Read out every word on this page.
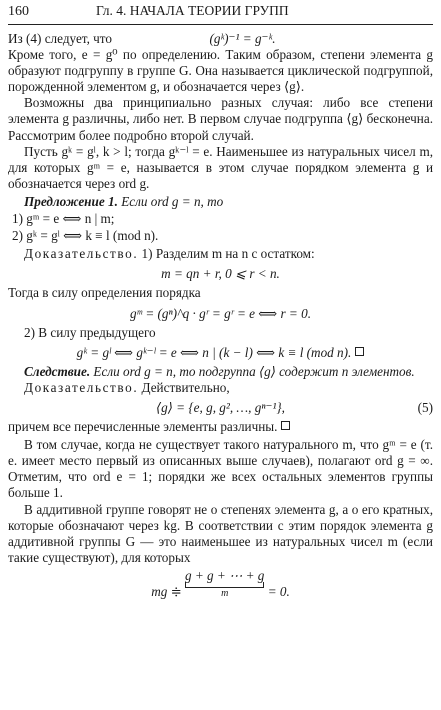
160	Гл. 4. НАЧАЛА ТЕОРИИ ГРУПП
Из (4) следует, что	(gᵏ)⁻¹ = g⁻ᵏ.

Кроме того, e = g⁰ по определению. Таким образом, степени элемента g образуют подгруппу в группе G. Она называется циклической подгруппой, порожденной элементом g, и обозначается через ⟨g⟩.

Возможны два принципиально разных случая: либо все степени элемента g различны, либо нет. В первом случае подгруппа ⟨g⟩ бесконечна. Рассмотрим более подробно второй случай.

Пусть gᵏ = gˡ, k > l; тогда gᵏ⁻ˡ = e. Наименьшее из натуральных чисел m, для которых gᵐ = e, называется в этом случае порядком элемента g и обозначается через ord g.

Предложение 1. Если ord g = n, то

1) gᵐ = e ⟺ n | m;
2) gᵏ = gˡ ⟺ k ≡ l (mod n).

Доказательство. 1) Разделим m на n с остатком:

m = qn + r, 0 ⩽ r < n.

Тогда в силу определения порядка

gᵐ = (gⁿ)^q · gʳ = gʳ = e ⟺ r = 0.

2) В силу предыдущего

gᵏ = gˡ ⟺ gᵏ⁻ˡ = e ⟺ n | (k − l) ⟺ k ≡ l (mod n).

Следствие. Если ord g = n, то подгруппа ⟨g⟩ содержит n элементов.

Доказательство. Действительно,

⟨g⟩ = {e, g, g², …, gⁿ⁻¹},	(5)

причем все перечисленные элементы различны.

В том случае, когда не существует такого натурального m, что gᵐ = e (т. е. имеет место первый из описанных выше случаев), полагают ord g = ∞. Отметим, что ord e = 1; порядки же всех остальных элементов группы больше 1.

В аддитивной группе говорят не о степенях элемента g, а о его кратных, которые обозначают через kg. В соответствии с этим порядок элемента g аддитивной группы G — это наименьшее из натуральных чисел m (если такие существуют), для которых

mg ≑ g + g + ⋯ + g
m	= 0.
